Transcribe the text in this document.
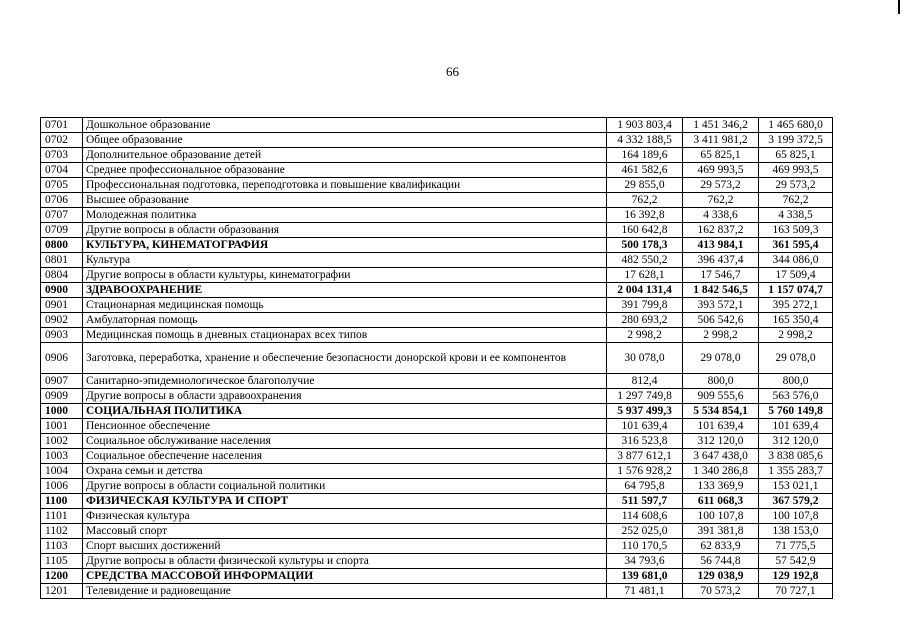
66
0701	Дошкольное образование	1 903 803,4	1 451 346,2	1 465 680,0
0702	Общее образование	4 332 188,5	3 411 981,2	3 199 372,5
0703	Дополнительное образование детей	164 189,6	65 825,1	65 825,1
0704	Среднее профессиональное образование	461 582,6	469 993,5	469 993,5
0705	Профессиональная подготовка, переподготовка и повышение квалификации	29 855,0	29 573,2	29 573,2
0706	Высшее образование	762,2	762,2	762,2
0707	Молодежная политика	16 392,8	4 338,6	4 338,5
0709	Другие вопросы в области образования	160 642,8	162 837,2	163 509,3
0800	КУЛЬТУРА, КИНЕМАТОГРАФИЯ	500 178,3	413 984,1	361 595,4
0801	Культура	482 550,2	396 437,4	344 086,0
0804	Другие вопросы в области культуры, кинематографии	17 628,1	17 546,7	17 509,4
0900	ЗДРАВООХРАНЕНИЕ	2 004 131,4	1 842 546,5	1 157 074,7
0901	Стационарная медицинская помощь	391 799,8	393 572,1	395 272,1
0902	Амбулаторная помощь	280 693,2	506 542,6	165 350,4
0903	Медицинская помощь в дневных стационарах всех типов	2 998,2	2 998,2	2 998,2
0906	Заготовка, переработка, хранение и обеспечение безопасности донорской крови и ее компонентов	30 078,0	29 078,0	29 078,0
0907	Санитарно-эпидемиологическое благополучие	812,4	800,0	800,0
0909	Другие вопросы в области здравоохранения	1 297 749,8	909 555,6	563 576,0
1000	СОЦИАЛЬНАЯ ПОЛИТИКА	5 937 499,3	5 534 854,1	5 760 149,8
1001	Пенсионное обеспечение	101 639,4	101 639,4	101 639,4
1002	Социальное обслуживание населения	316 523,8	312 120,0	312 120,0
1003	Социальное обеспечение населения	3 877 612,1	3 647 438,0	3 838 085,6
1004	Охрана семьи и детства	1 576 928,2	1 340 286,8	1 355 283,7
1006	Другие вопросы в области социальной политики	64 795,8	133 369,9	153 021,1
1100	ФИЗИЧЕСКАЯ КУЛЬТУРА И СПОРТ	511 597,7	611 068,3	367 579,2
1101	Физическая культура	114 608,6	100 107,8	100 107,8
1102	Массовый спорт	252 025,0	391 381,8	138 153,0
1103	Спорт высших достижений	110 170,5	62 833,9	71 775,5
1105	Другие вопросы в области физической культуры и спорта	34 793,6	56 744,8	57 542,9
1200	СРЕДСТВА МАССОВОЙ ИНФОРМАЦИИ	139 681,0	129 038,9	129 192,8
1201	Телевидение и радиовещание	71 481,1	70 573,2	70 727,1
